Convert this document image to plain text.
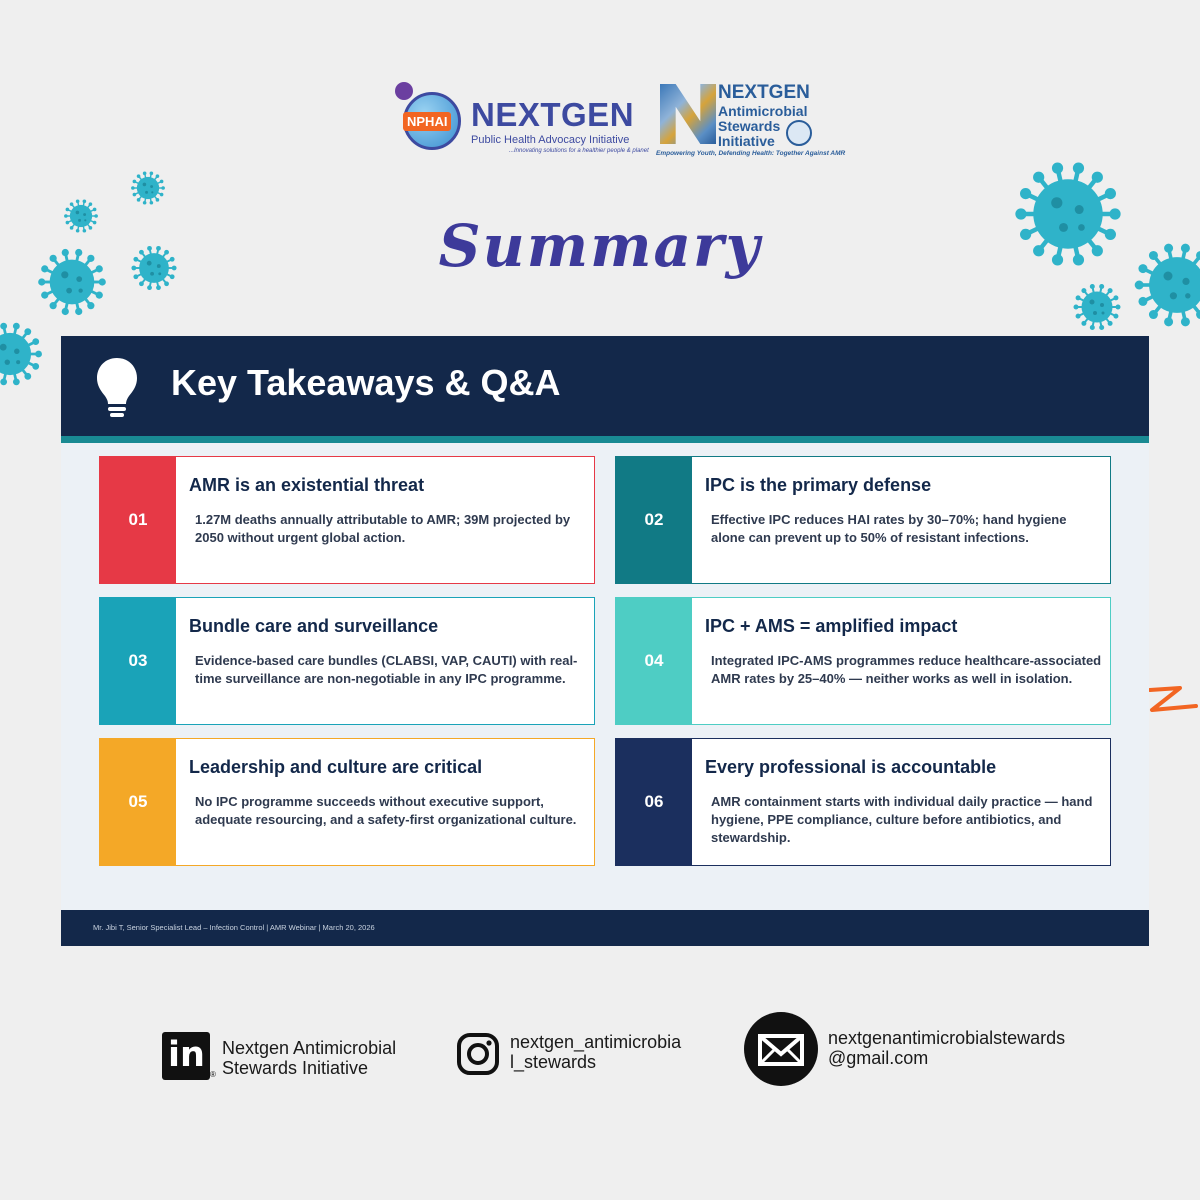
NPHAI NEXTGEN
Public Health Advocacy Initiative
...Innovating solutions for a healthier people & planet
NEXTGEN
Antimicrobial
Stewards
Initiative
Empowering Youth, Defending Health: Together Against AMR
Summary
Key Takeaways & Q&A
01
AMR is an existential threat
1.27M deaths annually attributable to AMR; 39M projected by 2050 without urgent global action.
02
IPC is the primary defense
Effective IPC reduces HAI rates by 30–70%; hand hygiene alone can prevent up to 50% of resistant infections.
03
Bundle care and surveillance
Evidence-based care bundles (CLABSI, VAP, CAUTI) with real-time surveillance are non-negotiable in any IPC programme.
04
IPC + AMS = amplified impact
Integrated IPC-AMS programmes reduce healthcare-associated AMR rates by 25–40% — neither works as well in isolation.
05
Leadership and culture are critical
No IPC programme succeeds without executive support, adequate resourcing, and a safety-first organizational culture.
06
Every professional is accountable
AMR containment starts with individual daily practice — hand hygiene, PPE compliance, culture before antibiotics, and stewardship.
Mr. Jibi T, Senior Specialist Lead – Infection Control | AMR Webinar | March 20, 2026
in ®
Nextgen Antimicrobial
Stewards Initiative
nextgen_antimicrobia
l_stewards
nextgenantimicrobialstewards
@gmail.com
